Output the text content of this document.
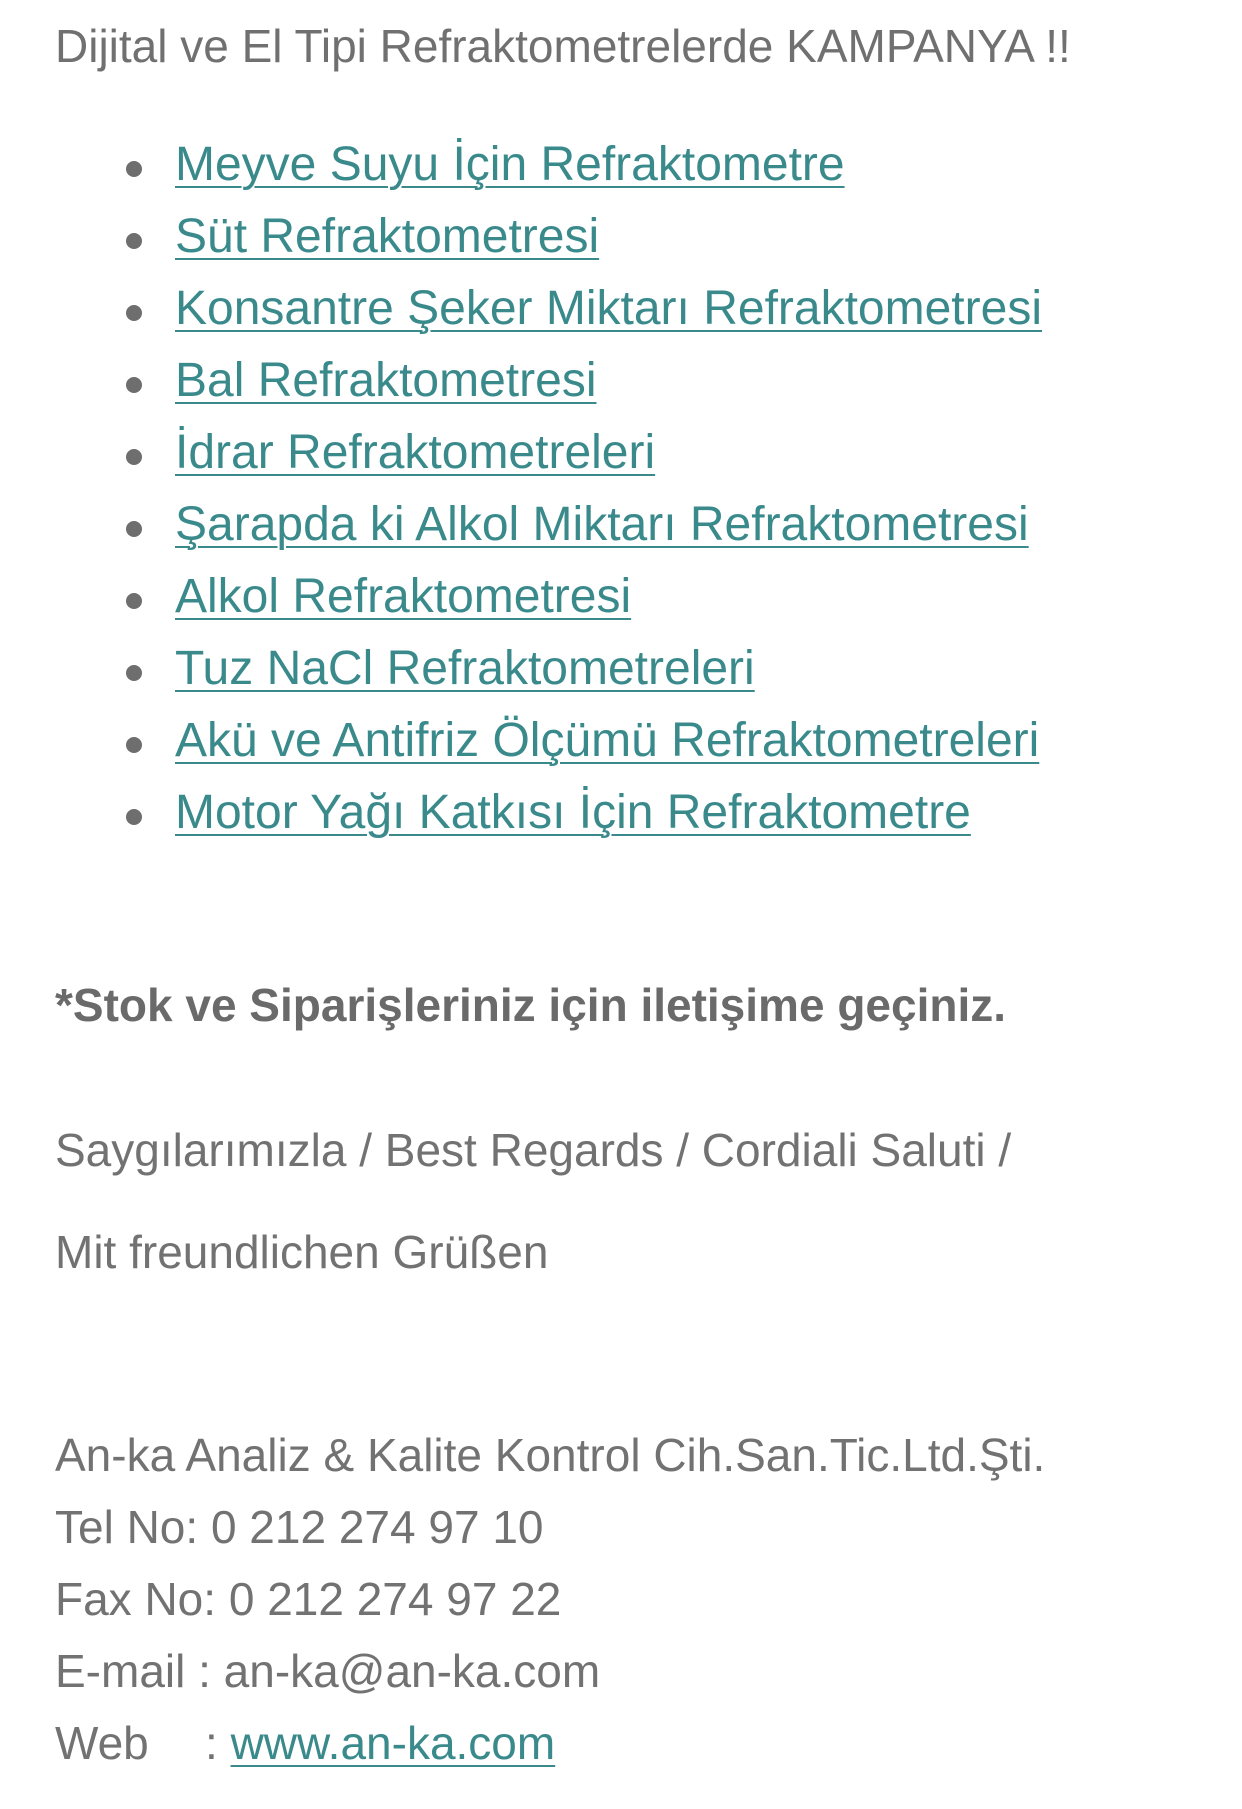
Dijital ve El Tipi Refraktometrelerde KAMPANYA !!
Meyve Suyu İçin Refraktometre
Süt Refraktometresi
Konsantre Şeker Miktarı Refraktometresi
Bal Refraktometresi
İdrar Refraktometreleri
Şarapda ki Alkol Miktarı Refraktometresi
Alkol Refraktometresi
Tuz NaCl Refraktometreleri
Akü ve Antifriz Ölçümü Refraktometreleri
Motor Yağı Katkısı İçin Refraktometre
*Stok ve Siparişleriniz için iletişime geçiniz.
Saygılarımızla / Best Regards / Cordiali Saluti /
Mit freundlichen Grüßen
An-ka Analiz & Kalite Kontrol Cih.San.Tic.Ltd.Şti.
Tel No: 0 212 274 97 10
Fax No: 0 212 274 97 22
E-mail : an-ka@an-ka.com
Web : www.an-ka.com
